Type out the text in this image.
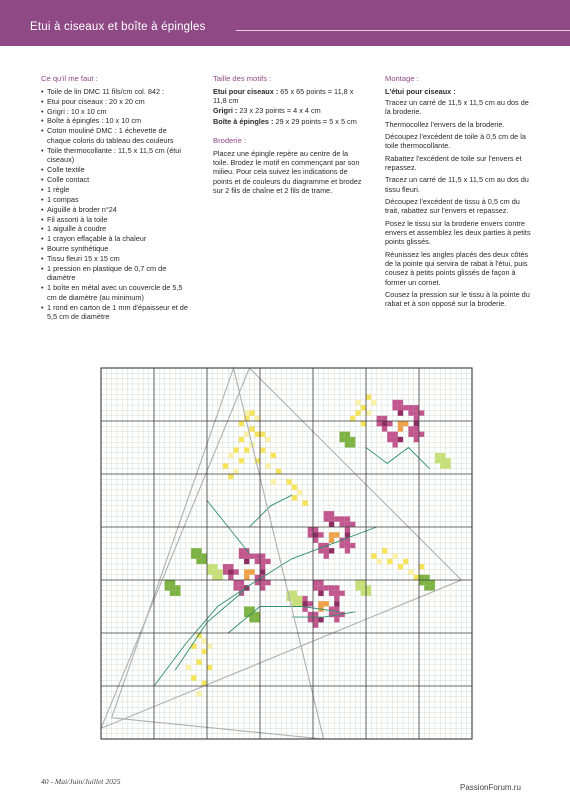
Etui à ciseaux et boîte à épingles
Ce qu'il me faut :
• Toile de lin DMC 11 fils/cm col. 842 :
• Etui pour ciseaux : 20 x 20 cm
• Grigri : 10 x 10 cm
• Boîte à épingles : 10 x 10 cm
• Coton mouliné DMC : 1 échevette de chaque coloris du tableau des couleurs
• Toile thermocollante : 11,5 x 11,5 cm (étui ciseaux)
• Colle textile
• Colle contact
• 1 règle
• 1 compas
• Aiguille à broder n°24
• Fil assorti à la toile
• 1 aiguille à coudre
• 1 crayon effaçable à la chaleur
• Bourre synthétique
• Tissu fleuri 15 x 15 cm
• 1 pression en plastique de 0,7 cm de diamètre
• 1 boîte en métal avec un couvercle de 5,5 cm de diamètre (au minimum)
• 1 rond en carton de 1 mm d'épaisseur et de 5,5 cm de diamètre
Taille des motifs :
Etui pour ciseaux : 65 x 65 points = 11,8 x 11,8 cm
Grigri : 23 x 23 points = 4 x 4 cm
Boîte à épingles : 29 x 29 points = 5 x 5 cm
Broderie :
Placez une épingle repère au centre de la toile. Brodez le motif en commençant par son milieu. Pour cela suivez les indications de points et de couleurs du diagramme et brodez sur 2 fils de chaîne et 2 fils de trame.
Montage :
L'étui pour ciseaux :
Tracez un carré de 11,5 x 11,5 cm au dos de la broderie.
Thermocollez l'envers de la broderie.
Découpez l'excédent de toile à 0,5 cm de la toile thermocollante.
Rabattez l'excédent de toile sur l'envers et repassez.
Tracez un carré de 11,5 x 11,5 cm au dos du tissu fleuri.
Découpez l'excédent de tissu à 0,5 cm du trait, rabattez sur l'envers et repassez.
Posez le tissu sur la broderie envers contre envers et assemblez les deux parties à petits points glissés.
Réunissez les angles placés des deux côtés de la pointe qui servira de rabat à l'étui, puis cousez à petits points glissés de façon à former un cornet.
Cousez la pression sur le tissu à la pointe du rabat et à son opposé sur la broderie.
40 - Mai/Juin/Juillet 2025
PassionForum.ru
